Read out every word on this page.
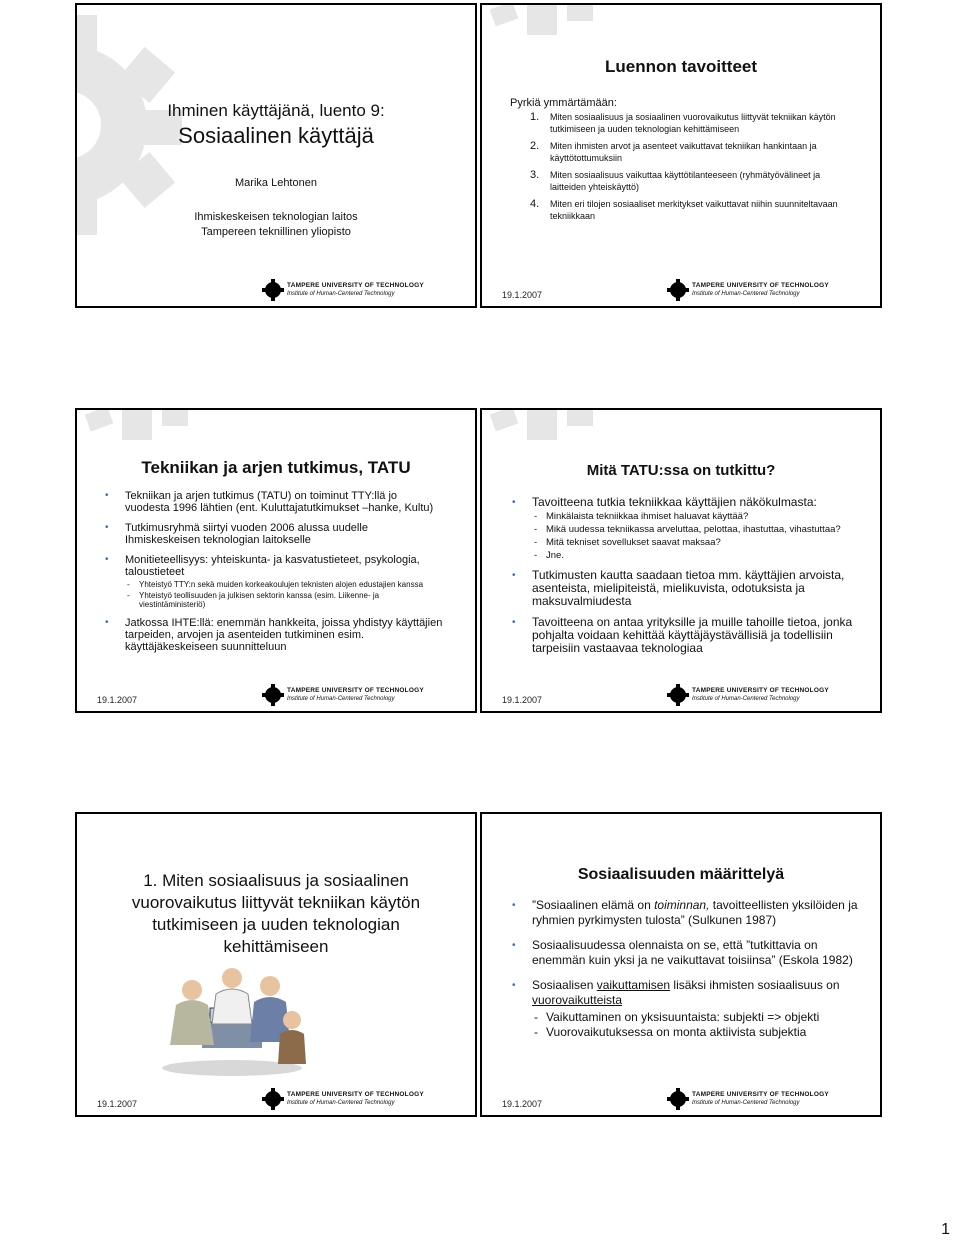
Ihminen käyttäjänä, luento 9:
Sosiaalinen käyttäjä
Marika Lehtonen
Ihmiskeskeisen teknologian laitos
Tampereen teknillinen yliopisto
TAMPERE UNIVERSITY OF TECHNOLOGY
Institute of Human-Centered Technology
Luennon tavoitteet
Pyrkiä ymmärtämään:
1. Miten sosiaalisuus ja sosiaalinen vuorovaikutus liittyvät tekniikan käytön tutkimiseen ja uuden teknologian kehittämiseen
2. Miten ihmisten arvot ja asenteet vaikuttavat tekniikan hankintaan ja käyttötottumuksiin
3. Miten sosiaalisuus vaikuttaa käyttötilanteeseen (ryhmätyövälineet ja laitteiden yhteiskäyttö)
4. Miten eri tilojen sosiaaliset merkitykset vaikuttavat niihin suunniteltavaan tekniikkaan
19.1.2007
TAMPERE UNIVERSITY OF TECHNOLOGY
Institute of Human-Centered Technology
Tekniikan ja arjen tutkimus, TATU
• Tekniikan ja arjen tutkimus (TATU) on toiminut TTY:llä jo vuodesta 1996 lähtien (ent. Kuluttajatutkimukset –hanke, Kultu)
• Tutkimusryhmä siirtyi vuoden 2006 alussa uudelle Ihmiskeskeisen teknologian laitokselle
• Monitieteellisyys: yhteiskunta- ja kasvatustieteet, psykologia, taloustieteet
- Yhteistyö TTY:n sekä muiden korkeakoulujen teknisten alojen edustajien kanssa
- Yhteistyö teollisuuden ja julkisen sektorin kanssa (esim. Liikenne- ja viestintäministeriö)
• Jatkossa IHTE:llä: enemmän hankkeita, joissa yhdistyy käyttäjien tarpeiden, arvojen ja asenteiden tutkiminen esim. käyttäjäkeskeiseen suunnitteluun
19.1.2007
TAMPERE UNIVERSITY OF TECHNOLOGY
Institute of Human-Centered Technology
Mitä TATU:ssa on tutkittu?
• Tavoitteena tutkia tekniikkaa käyttäjien näkökulmasta:
- Minkälaista tekniikkaa ihmiset haluavat käyttää?
- Mikä uudessa tekniikassa arveluttaa, pelottaa, ihastuttaa, vihastuttaa?
- Mitä tekniset sovellukset saavat maksaa?
- Jne.
• Tutkimusten kautta saadaan tietoa mm. käyttäjien arvoista, asenteista, mielipiteistä, mielikuvista, odotuksista ja maksuvalmiudesta
• Tavoitteena on antaa yrityksille ja muille tahoille tietoa, jonka pohjalta voidaan kehittää käyttäjäystävällisiä ja todellisiin tarpeisiin vastaavaa teknologiaa
19.1.2007
TAMPERE UNIVERSITY OF TECHNOLOGY
Institute of Human-Centered Technology
1. Miten sosiaalisuus ja sosiaalinen vuorovaikutus liittyvät tekniikan käytön tutkimiseen ja uuden teknologian kehittämiseen
19.1.2007
TAMPERE UNIVERSITY OF TECHNOLOGY
Institute of Human-Centered Technology
Sosiaalisuuden määrittelyä
• ”Sosiaalinen elämä on toiminnan, tavoitteellisten yksilöiden ja ryhmien pyrkimysten tulosta” (Sulkunen 1987)
• Sosiaalisuudessa olennaista on se, että ”tutkittavia on enemmän kuin yksi ja ne vaikuttavat toisiinsa” (Eskola 1982)
• Sosiaalisen vaikuttamisen lisäksi ihmisten sosiaalisuus on vuorovaikutteista
- Vaikuttaminen on yksisuuntaista: subjekti => objekti
- Vuorovaikutuksessa on monta aktiivista subjektia
19.1.2007
TAMPERE UNIVERSITY OF TECHNOLOGY
Institute of Human-Centered Technology
1
